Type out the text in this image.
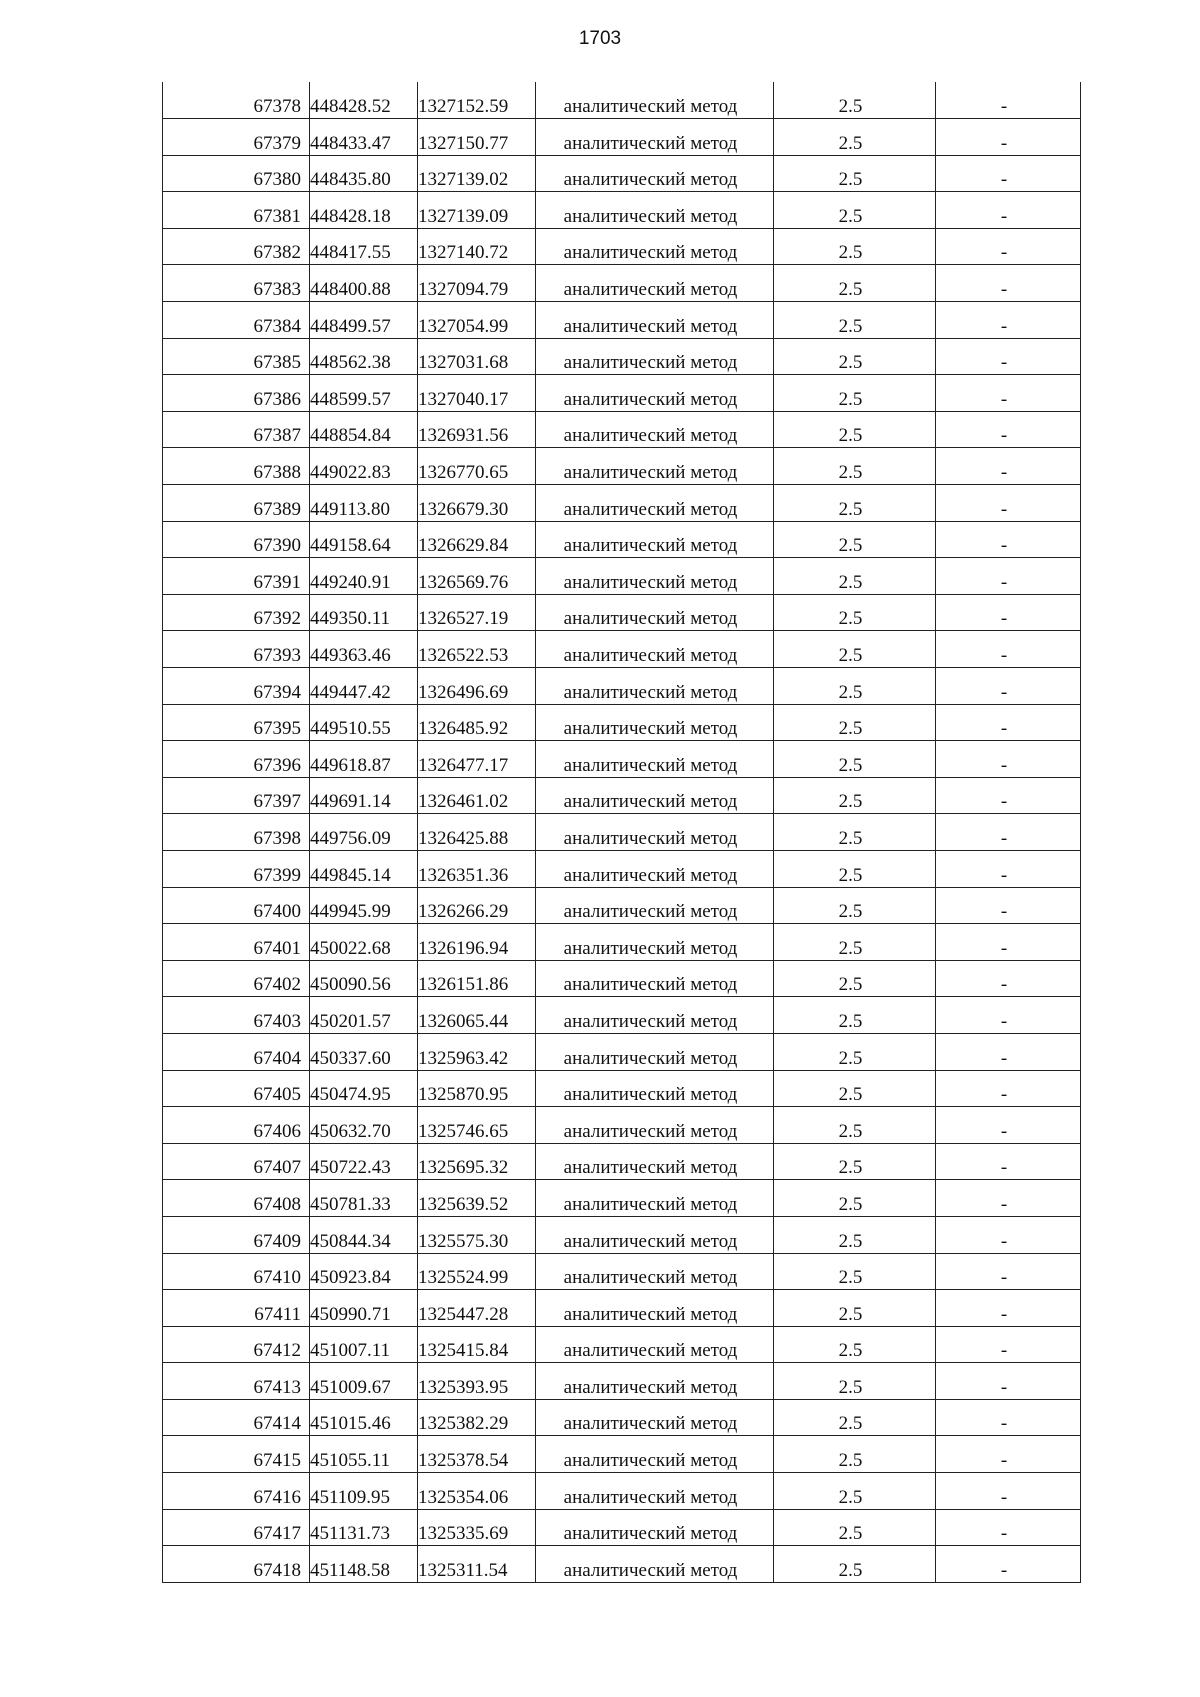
1703
67378	448428.52	1327152.59	аналитический метод	2.5	-
67379	448433.47	1327150.77	аналитический метод	2.5	-
67380	448435.80	1327139.02	аналитический метод	2.5	-
67381	448428.18	1327139.09	аналитический метод	2.5	-
67382	448417.55	1327140.72	аналитический метод	2.5	-
67383	448400.88	1327094.79	аналитический метод	2.5	-
67384	448499.57	1327054.99	аналитический метод	2.5	-
67385	448562.38	1327031.68	аналитический метод	2.5	-
67386	448599.57	1327040.17	аналитический метод	2.5	-
67387	448854.84	1326931.56	аналитический метод	2.5	-
67388	449022.83	1326770.65	аналитический метод	2.5	-
67389	449113.80	1326679.30	аналитический метод	2.5	-
67390	449158.64	1326629.84	аналитический метод	2.5	-
67391	449240.91	1326569.76	аналитический метод	2.5	-
67392	449350.11	1326527.19	аналитический метод	2.5	-
67393	449363.46	1326522.53	аналитический метод	2.5	-
67394	449447.42	1326496.69	аналитический метод	2.5	-
67395	449510.55	1326485.92	аналитический метод	2.5	-
67396	449618.87	1326477.17	аналитический метод	2.5	-
67397	449691.14	1326461.02	аналитический метод	2.5	-
67398	449756.09	1326425.88	аналитический метод	2.5	-
67399	449845.14	1326351.36	аналитический метод	2.5	-
67400	449945.99	1326266.29	аналитический метод	2.5	-
67401	450022.68	1326196.94	аналитический метод	2.5	-
67402	450090.56	1326151.86	аналитический метод	2.5	-
67403	450201.57	1326065.44	аналитический метод	2.5	-
67404	450337.60	1325963.42	аналитический метод	2.5	-
67405	450474.95	1325870.95	аналитический метод	2.5	-
67406	450632.70	1325746.65	аналитический метод	2.5	-
67407	450722.43	1325695.32	аналитический метод	2.5	-
67408	450781.33	1325639.52	аналитический метод	2.5	-
67409	450844.34	1325575.30	аналитический метод	2.5	-
67410	450923.84	1325524.99	аналитический метод	2.5	-
67411	450990.71	1325447.28	аналитический метод	2.5	-
67412	451007.11	1325415.84	аналитический метод	2.5	-
67413	451009.67	1325393.95	аналитический метод	2.5	-
67414	451015.46	1325382.29	аналитический метод	2.5	-
67415	451055.11	1325378.54	аналитический метод	2.5	-
67416	451109.95	1325354.06	аналитический метод	2.5	-
67417	451131.73	1325335.69	аналитический метод	2.5	-
67418	451148.58	1325311.54	аналитический метод	2.5	-
